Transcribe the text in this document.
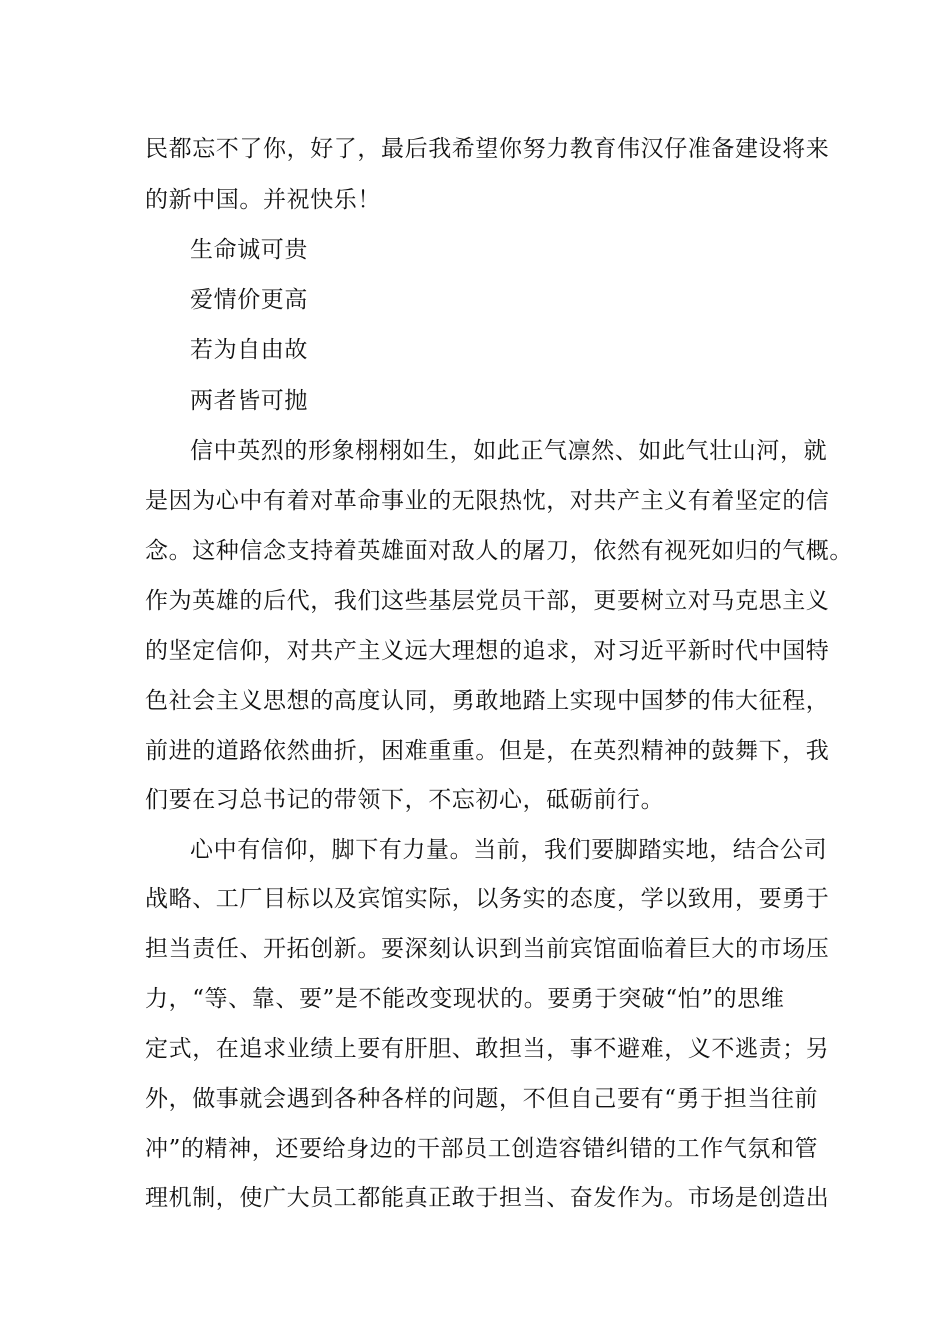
民都忘不了你，好了，最后我希望你努力教育伟汉仔准备建设将来
的新中国。并祝快乐！
生命诚可贵
爱情价更高
若为自由故
两者皆可抛
信中英烈的形象栩栩如生，如此正气凛然、如此气壮山河，就
是因为心中有着对革命事业的无限热忱，对共产主义有着坚定的信
念。这种信念支持着英雄面对敌人的屠刀，依然有视死如归的气概。
作为英雄的后代，我们这些基层党员干部，更要树立对马克思主义
的坚定信仰，对共产主义远大理想的追求，对习近平新时代中国特
色社会主义思想的高度认同，勇敢地踏上实现中国梦的伟大征程，
前进的道路依然曲折，困难重重。但是，在英烈精神的鼓舞下，我
们要在习总书记的带领下，不忘初心，砥砺前行。
心中有信仰，脚下有力量。当前，我们要脚踏实地，结合公司
战略、工厂目标以及宾馆实际，以务实的态度，学以致用，要勇于
担当责任、开拓创新。要深刻认识到当前宾馆面临着巨大的市场压
力，“等、靠、要”是不能改变现状的。要勇于突破“怕”的思维
定式，在追求业绩上要有肝胆、敢担当，事不避难，义不逃责；另
外，做事就会遇到各种各样的问题，不但自己要有“勇于担当往前
冲”的精神，还要给身边的干部员工创造容错纠错的工作气氛和管
理机制，使广大员工都能真正敢于担当、奋发作为。市场是创造出
